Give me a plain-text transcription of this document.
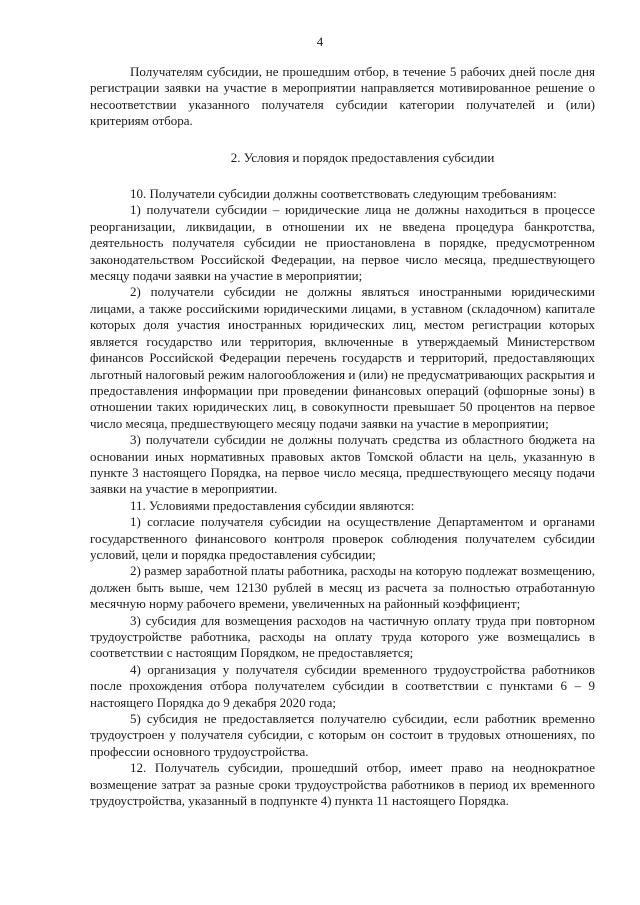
4

Получателям субсидии, не прошедшим отбор, в течение 5 рабочих дней после дня регистрации заявки на участие в мероприятии направляется мотивированное решение о несоответствии указанного получателя субсидии категории получателей и (или) критериям отбора.

2. Условия и порядок предоставления субсидии

10. Получатели субсидии должны соответствовать следующим требованиям:

1) получатели субсидии – юридические лица не должны находиться в процессе реорганизации, ликвидации, в отношении их не введена процедура банкротства, деятельность получателя субсидии не приостановлена в порядке, предусмотренном законодательством Российской Федерации, на первое число месяца, предшествующего месяцу подачи заявки на участие в мероприятии;

2) получатели субсидии не должны являться иностранными юридическими лицами, а также российскими юридическими лицами, в уставном (складочном) капитале которых доля участия иностранных юридических лиц, местом регистрации которых является государство или территория, включенные в утверждаемый Министерством финансов Российской Федерации перечень государств и территорий, предоставляющих льготный налоговый режим налогообложения и (или) не предусматривающих раскрытия и предоставления информации при проведении финансовых операций (офшорные зоны) в отношении таких юридических лиц, в совокупности превышает 50 процентов на первое число месяца, предшествующего месяцу подачи заявки на участие в мероприятии;

3) получатели субсидии не должны получать средства из областного бюджета на основании иных нормативных правовых актов Томской области на цель, указанную в пункте 3 настоящего Порядка, на первое число месяца, предшествующего месяцу подачи заявки на участие в мероприятии.

11. Условиями предоставления субсидии являются:

1) согласие получателя субсидии на осуществление Департаментом и органами государственного финансового контроля проверок соблюдения получателем субсидии условий, цели и порядка предоставления субсидии;

2) размер заработной платы работника, расходы на которую подлежат возмещению, должен быть выше, чем 12130 рублей в месяц из расчета за полностью отработанную месячную норму рабочего времени, увеличенных на районный коэффициент;

3) субсидия для возмещения расходов на частичную оплату труда при повторном трудоустройстве работника, расходы на оплату труда которого уже возмещались в соответствии с настоящим Порядком, не предоставляется;

4) организация у получателя субсидии временного трудоустройства работников после прохождения отбора получателем субсидии в соответствии с пунктами 6 – 9 настоящего Порядка до 9 декабря 2020 года;

5) субсидия не предоставляется получателю субсидии, если работник временно трудоустроен у получателя субсидии, с которым он состоит в трудовых отношениях, по профессии основного трудоустройства.

12. Получатель субсидии, прошедший отбор, имеет право на неоднократное возмещение затрат за разные сроки трудоустройства работников в период их временного трудоустройства, указанный в подпункте 4) пункта 11 настоящего Порядка.
